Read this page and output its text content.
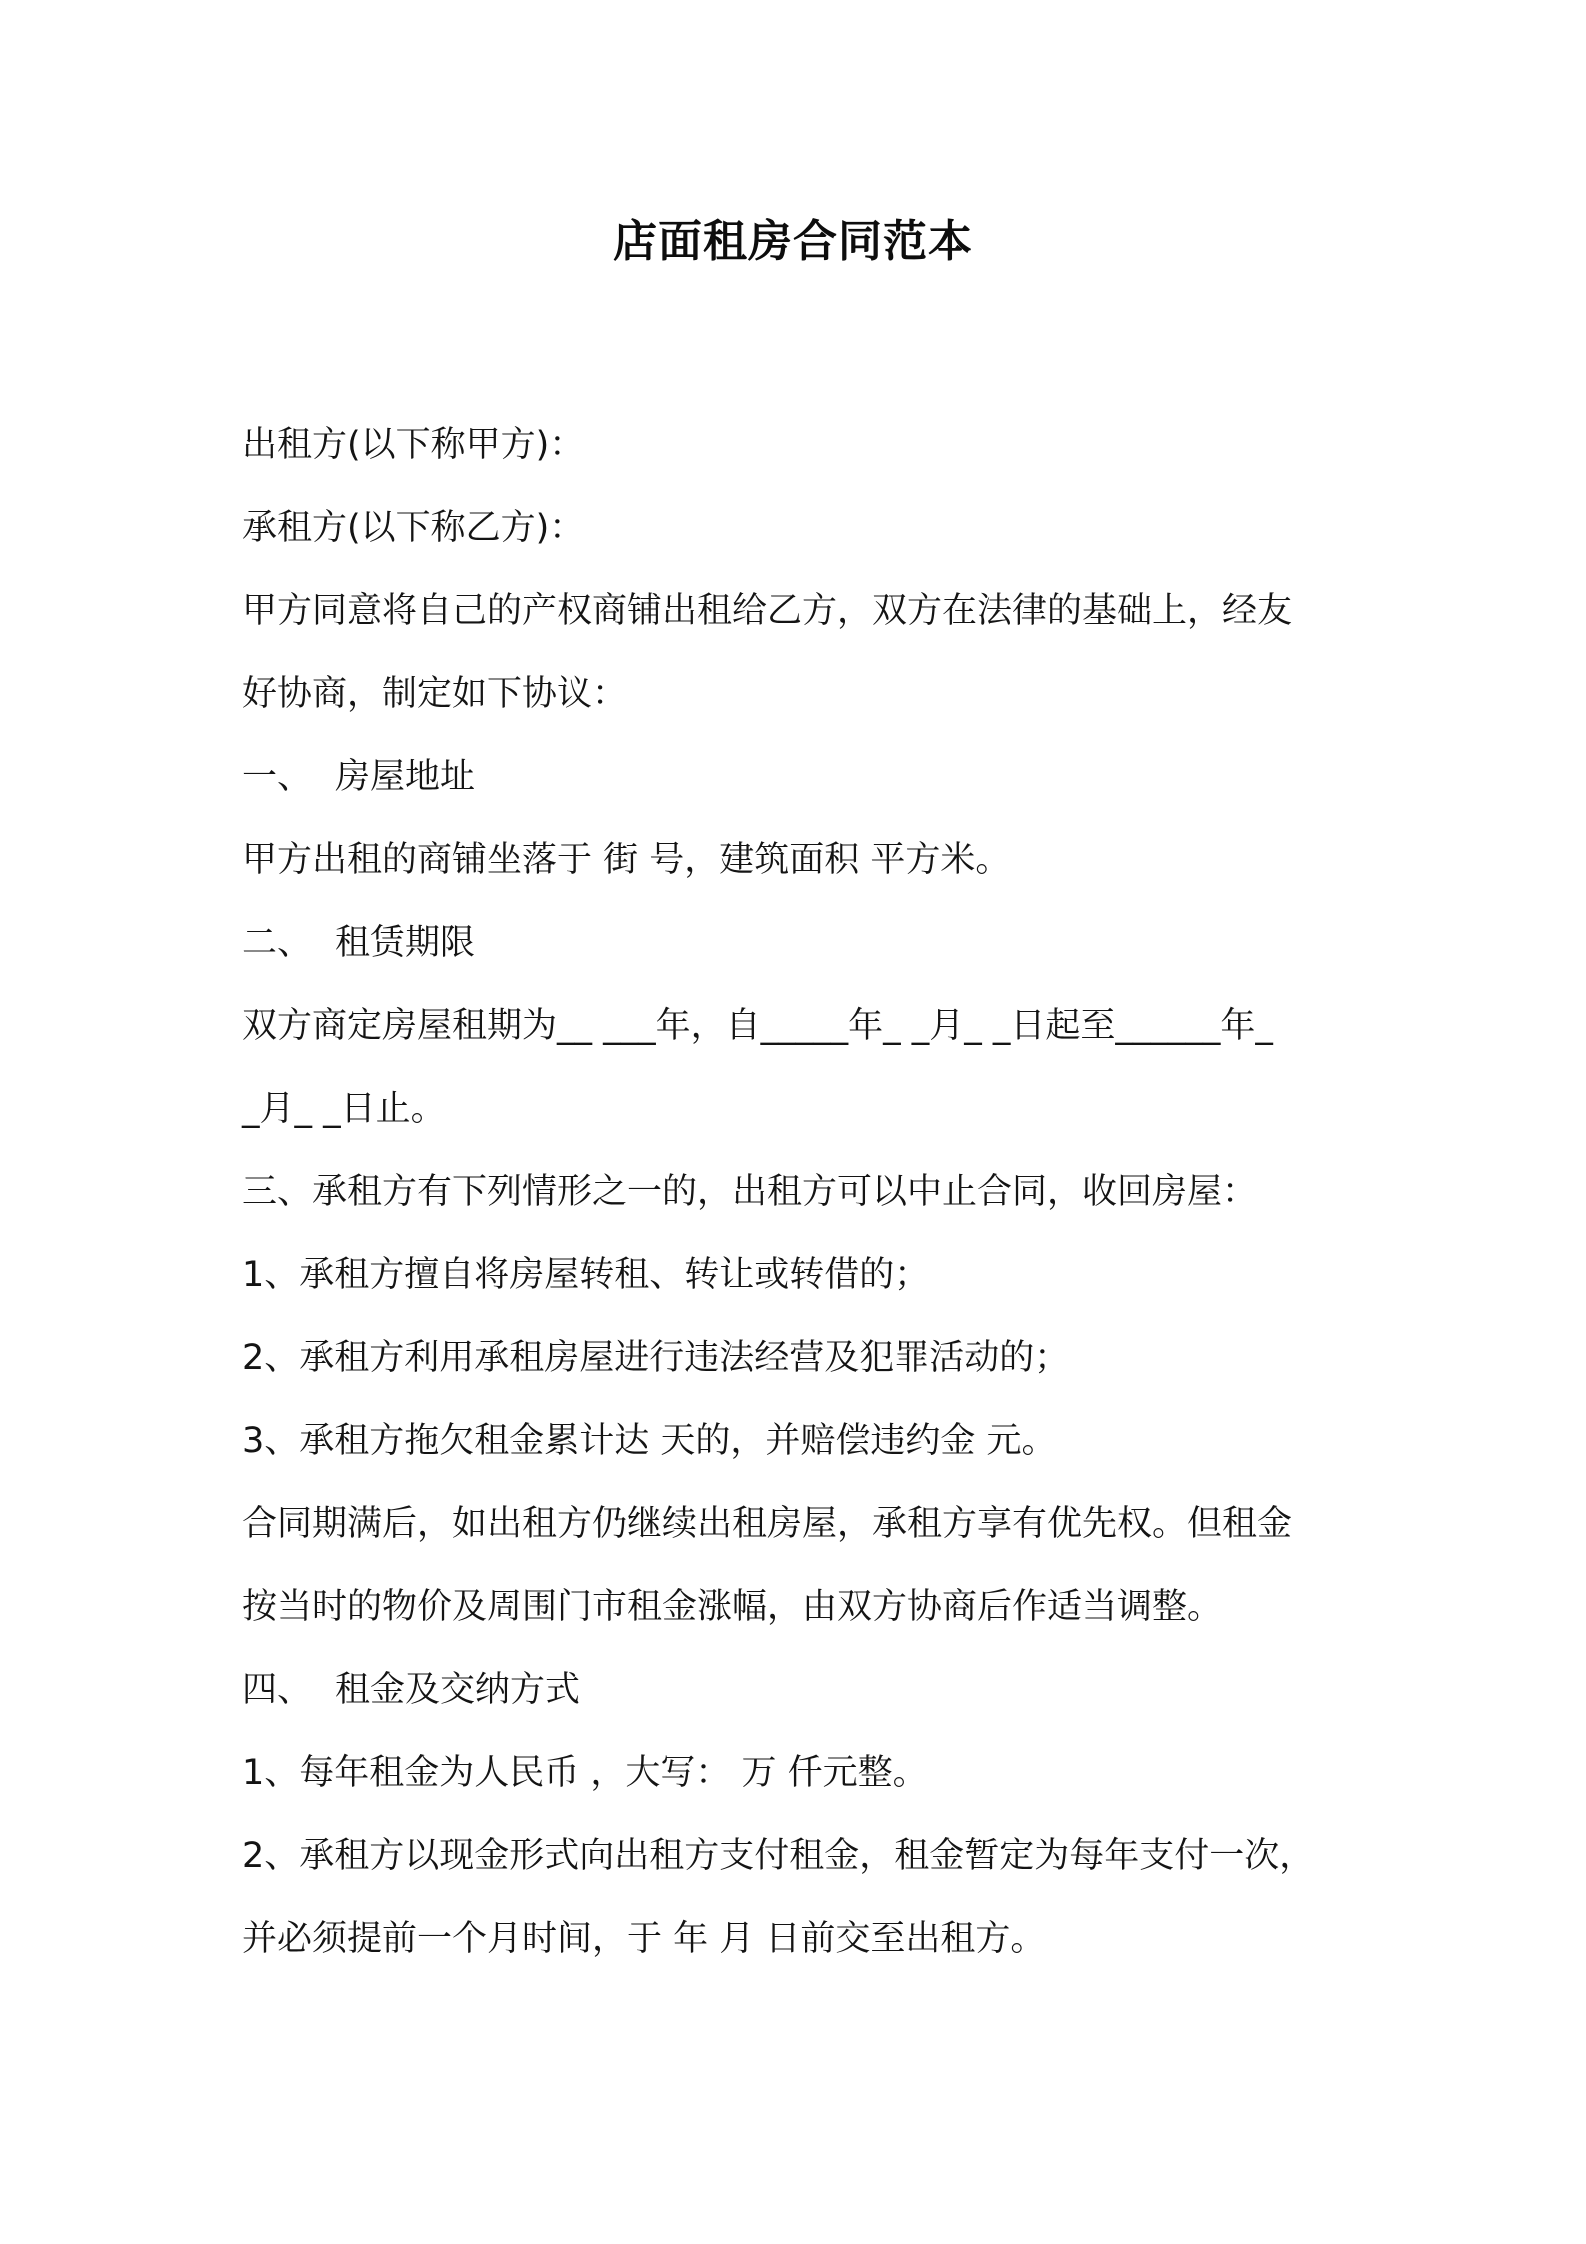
店面租房合同范本
出租方(以下称甲方)：
承租方(以下称乙方)：
甲方同意将自己的产权商铺出租给乙方，双方在法律的基础上，经友
好协商，制定如下协议：
一、 房屋地址
甲方出租的商铺坐落于 街 号，建筑面积 平方米。
二、 租赁期限
双方商定房屋租期为__ ___年，自_____年_ _月_ _日起至______年_
_月_ _日止。
三、承租方有下列情形之一的，出租方可以中止合同，收回房屋：
1、承租方擅自将房屋转租、转让或转借的；
2、承租方利用承租房屋进行违法经营及犯罪活动的；
3、承租方拖欠租金累计达 天的，并赔偿违约金 元。
合同期满后，如出租方仍继续出租房屋，承租方享有优先权。但租金
按当时的物价及周围门市租金涨幅，由双方协商后作适当调整。
四、 租金及交纳方式
1、每年租金为人民币 ，大写： 万 仟元整。
2、承租方以现金形式向出租方支付租金，租金暂定为每年支付一次，
并必须提前一个月时间，于 年 月 日前交至出租方。
